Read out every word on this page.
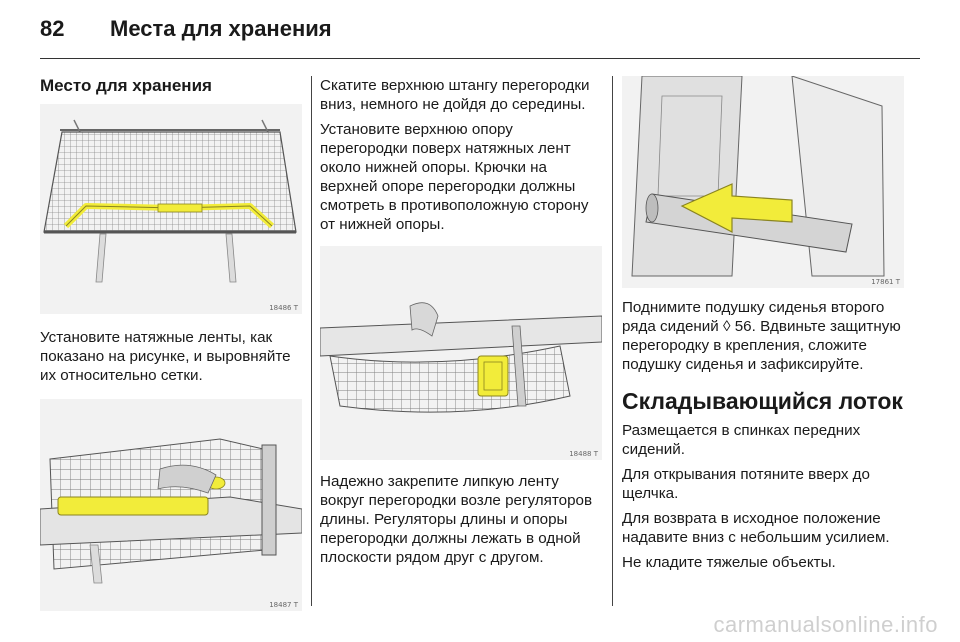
82	Места для хранения
Место для хранения
18486 T

Установите натяжные ленты, как показано на рисунке, и выровняйте их относительно сетки.

18487 T

Скатите верхнюю штангу перегородки вниз, немного не дойдя до середины.

Установите верхнюю опору перегородки поверх натяжных лент около нижней опоры. Крючки на верхней опоре перегородки должны смотреть в противоположную сторону от нижней опоры.

18488 T

Надежно закрепите липкую ленту вокруг перегородки возле регуляторов длины. Регуляторы длины и опоры перегородки должны лежать в одной плоскости рядом друг с другом.

17861 T

Поднимите подушку сиденья второго ряда сидений ◊ 56. Вдвиньте защитную перегородку в крепления, сложите подушку сиденья и зафиксируйте.

Складывающийся лоток

Размещается в спинках передних сидений.

Для открывания потяните вверх до щелчка.

Для возврата в исходное положение надавите вниз с небольшим усилием.

Не кладите тяжелые объекты.

carmanualsonline.info
